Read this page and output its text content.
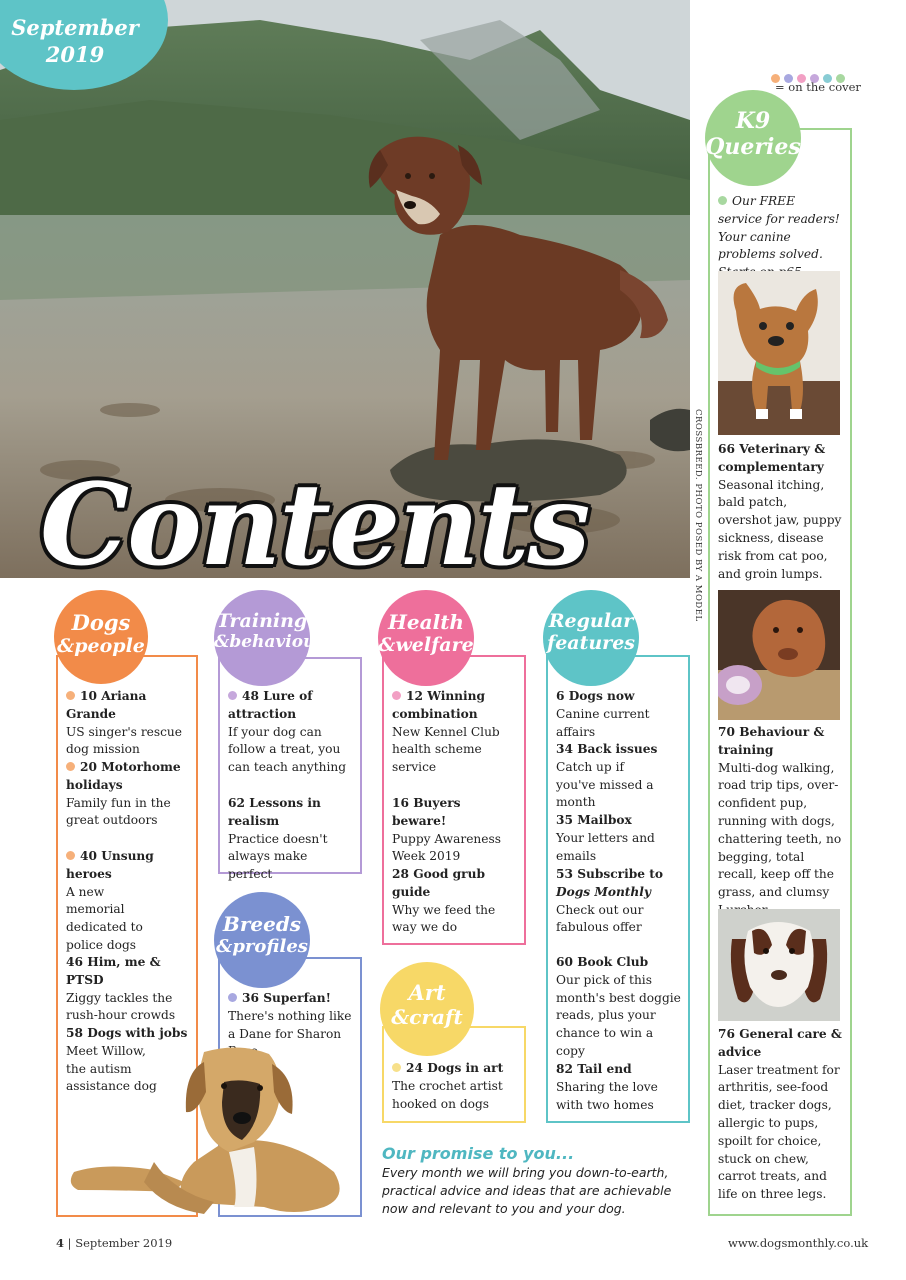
September
2019
Contents	CROSSBREED. PHOTO POSED BY A MODEL
= on the cover
K9
Queries
Our FREE service for readers! Your canine problems solved.
66 Veterinary & complementary
Seasonal itching, bald patch, overshot jaw, puppy sickness, disease risk from cat poo, and groin lumps.
70 Behaviour & training
Multi-dog walking, road trip tips, over-confident pup, running with dogs, chattering teeth, no begging, total recall, keep off the grass, and clumsy
76 General care & advice
Laser treatment for arthritis, see-food diet, tracker dogs, allergic to pups, spoilt for choice, stuck on chew, carrot treats, and life on three legs.
Dogs
&people
10 Ariana Grande
US singer's rescue dog mission
20 Motorhome holidays
Family fun in the great outdoors
40 Unsung heroes
A new memorial dedicated to police dogs
46 Him, me & PTSD
Ziggy tackles the rush-hour crowds
58 Dogs with jobs
Meet Willow, the autism assistance dog
Training
&behaviour
48 Lure of attraction
If your dog can follow a treat, you can teach anything
62 Lessons in realism
Practice doesn't always make perfect
Breeds
&profiles
36 Superfan!
There's nothing like a Dane for Sharon
Health
&welfare
12 Winning combination
New Kennel Club health scheme service
16 Buyers beware!
Puppy Awareness Week 2019
28 Good grub guide
Why we feed the way we do
Art
&craft
24 Dogs in art
The crochet artist hooked on dogs
Regular
features
6 Dogs now
Canine current affairs
34 Back issues
Catch up if you've missed a month
35 Mailbox
Your letters and emails
53 Subscribe to
Dogs Monthly
Check out our fabulous offer
60 Book Club
Our pick of this month's best doggie reads, plus your chance to win a copy
82 Tail end
Sharing the love with two homes
Our promise to you...
Every month we will bring you down-to-earth, practical advice and ideas that are achievable now and relevant to you and your dog.
4 | September 2019	www.dogsmonthly.co.uk
